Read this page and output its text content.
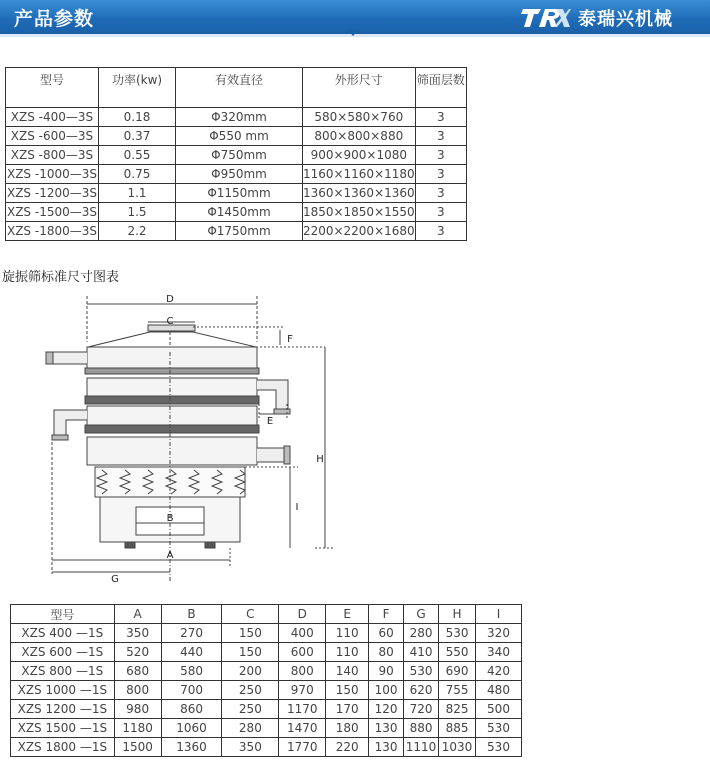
产品参数	泰瑞兴机械
型号	功率(kw)	有效直径	外形尺寸	筛面层数
XZS -400—3S	0.18	Φ320mm	580×580×760	3
XZS -600—3S	0.37	Φ550 mm	800×800×880	3
XZS -800—3S	0.55	Φ750mm	900×900×1080	3
XZS -1000—3S	0.75	Φ950mm	1160×1160×1180	3
XZS -1200—3S	1.1	Φ1150mm	1360×1360×1360	3
XZS -1500—3S	1.5	Φ1450mm	1850×1850×1550	3
XZS -1800—3S	2.2	Φ1750mm	2200×2200×1680	3
旋振筛标准尺寸图表
D
C
F
E
H
B
I
A
G
型号	A	B	C	D	E	F	G	H	I
XZS 400 —1S	350	270	150	400	110	60	280	530	320
XZS 600 —1S	520	440	150	600	110	80	410	550	340
XZS 800 —1S	680	580	200	800	140	90	530	690	420
XZS 1000 —1S	800	700	250	970	150	100	620	755	480
XZS 1200 —1S	980	860	250	1170	170	120	720	825	500
XZS 1500 —1S	1180	1060	280	1470	180	130	880	885	530
XZS 1800 —1S	1500	1360	350	1770	220	130	1110	1030	530
